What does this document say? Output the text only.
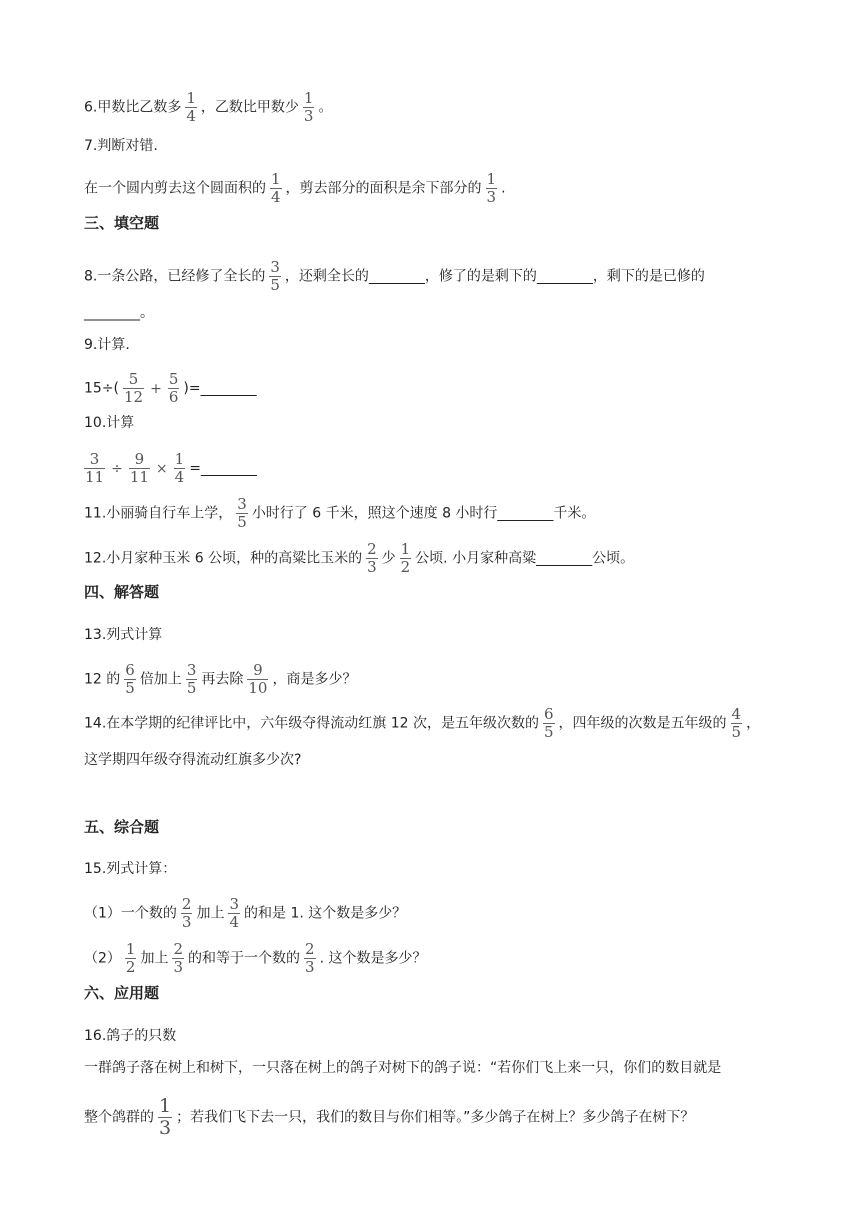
6.甲数比乙数多 $\frac{1}{4}$ ，乙数比甲数少 $\frac{1}{3}$ 。
7.判断对错.
在一个圆内剪去这个圆面积的 $\frac{1}{4}$ ，剪去部分的面积是余下部分的 $\frac{1}{3}$ .
三、填空题
8.一条公路，已经修了全长的 $\frac{3}{5}$ ，还剩全长的________，修了的是剩下的________，剩下的是已修的
________。
9.计算.
$15\div( \frac{5}{12} + \frac{5}{6}$ )=________
10.计算
$\frac{3}{11} \div \frac{9}{11} \times \frac{1}{4}$ =________
11.小丽骑自行车上学， $\frac{3}{5}$ 小时行了 6 千米，照这个速度 8 小时行________千米。
12.小月家种玉米 6 公顷，种的高粱比玉米的 $\frac{2}{3}$ 少 $\frac{1}{2}$ 公顷. 小月家种高粱________公顷。
四、解答题
13.列式计算
12 的 $\frac{6}{5}$ 倍加上 $\frac{3}{5}$ 再去除 $\frac{9}{10}$ ，商是多少？
14.在本学期的纪律评比中，六年级夺得流动红旗 12 次，是五年级次数的 $\frac{6}{5}$ ，四年级的次数是五年级的 $\frac{4}{5}$ ，
这学期四年级夺得流动红旗多少次?
五、综合题
15.列式计算：
（1）一个数的 $\frac{2}{3}$ 加上 $\frac{3}{4}$ 的和是 1. 这个数是多少？
$(2) \frac{1}{2}$ 加上 $\frac{2}{3}$ 的和等于一个数的 $\frac{2}{3}$ . 这个数是多少？
六、应用题
16.鸽子的只数
一群鸽子落在树上和树下，一只落在树上的鸽子对树下的鸽子说：“若你们飞上来一只，你们的数目就是
整个鸽群的 $\frac{1}{3}$ ；若我们飞下去一只，我们的数目与你们相等。”多少鸽子在树上？多少鸽子在树下？
